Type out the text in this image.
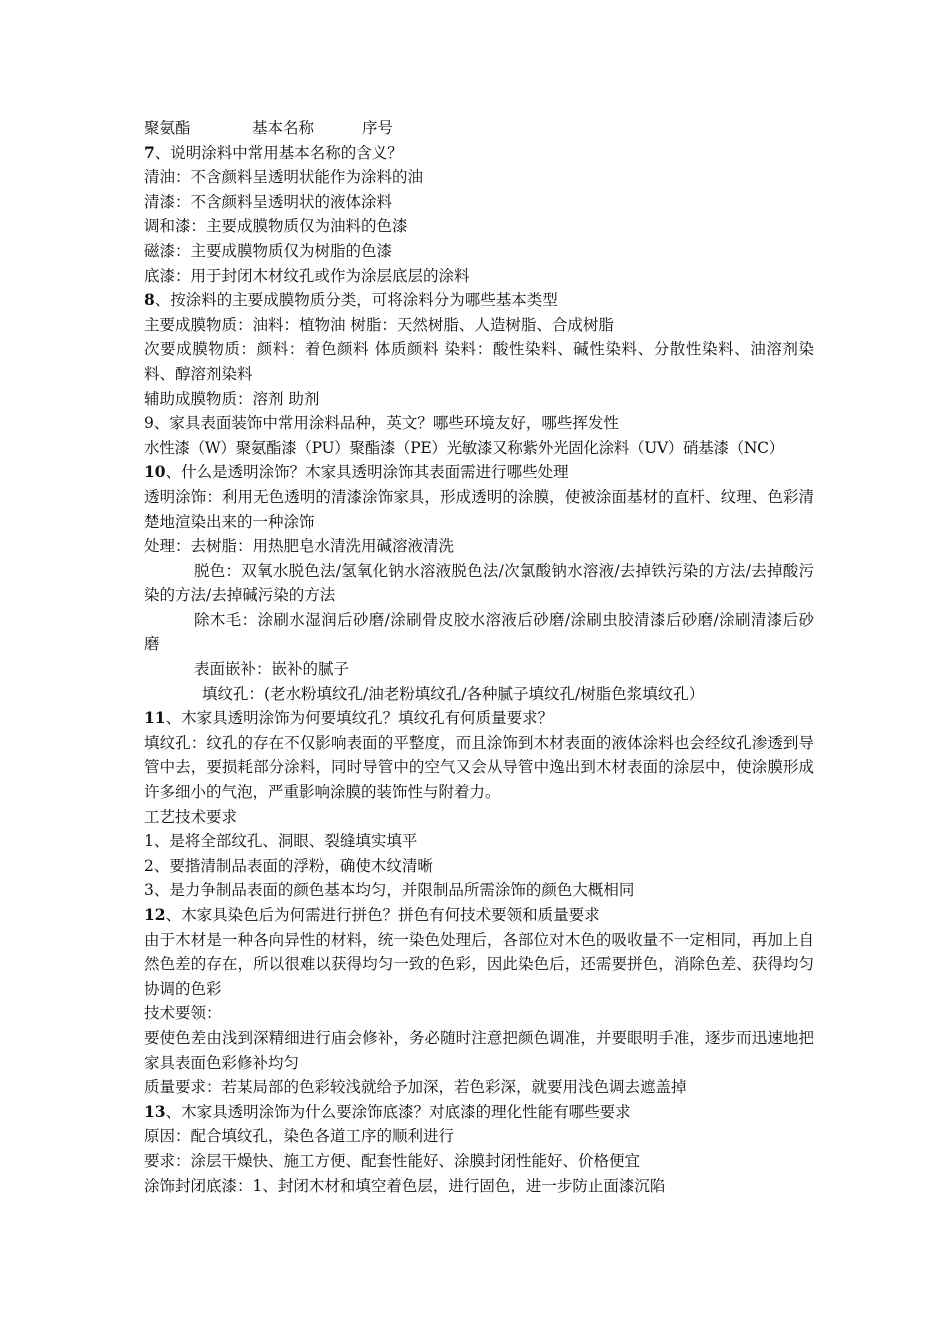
聚氨酯	基本名称	序号
7、说明涂料中常用基本名称的含义？
清油：不含颜料呈透明状能作为涂料的油
清漆：不含颜料呈透明状的液体涂料
调和漆：主要成膜物质仅为油料的色漆
磁漆：主要成膜物质仅为树脂的色漆
底漆：用于封闭木材纹孔或作为涂层底层的涂料
8、按涂料的主要成膜物质分类，可将涂料分为哪些基本类型
主要成膜物质：油料：植物油 树脂：天然树脂、人造树脂、合成树脂
次要成膜物质：颜料：着色颜料 体质颜料 染料：酸性染料、碱性染料、分散性染料、油溶剂染料、醇溶剂染料
辅助成膜物质：溶剂 助剂
9、家具表面装饰中常用涂料品种，英文？哪些环境友好，哪些挥发性
水性漆（W）聚氨酯漆（PU）聚酯漆（PE）光敏漆又称紫外光固化涂料（UV）硝基漆（NC）
10、什么是透明涂饰？木家具透明涂饰其表面需进行哪些处理
透明涂饰：利用无色透明的清漆涂饰家具，形成透明的涂膜，使被涂面基材的直杆、纹理、色彩清楚地渲染出来的一种涂饰
处理：去树脂：用热肥皂水清洗用碱溶液清洗
脱色：双氧水脱色法/氢氧化钠水溶液脱色法/次氯酸钠水溶液/去掉铁污染的方法/去掉酸污染的方法/去掉碱污染的方法
除木毛：涂刷水湿润后砂磨/涂刷骨皮胶水溶液后砂磨/涂刷虫胶清漆后砂磨/涂刷清漆后砂磨
表面嵌补：嵌补的腻子
填纹孔：(老水粉填纹孔/油老粉填纹孔/各种腻子填纹孔/树脂色浆填纹孔）
11、木家具透明涂饰为何要填纹孔？填纹孔有何质量要求？
填纹孔：纹孔的存在不仅影响表面的平整度，而且涂饰到木材表面的液体涂料也会经纹孔渗透到导管中去，要损耗部分涂料，同时导管中的空气又会从导管中逸出到木材表面的涂层中，使涂膜形成许多细小的气泡，严重影响涂膜的装饰性与附着力。
工艺技术要求
1、是将全部纹孔、洞眼、裂缝填实填平
2、要揩清制品表面的浮粉，确使木纹清晰
3、是力争制品表面的颜色基本均匀，并限制品所需涂饰的颜色大概相同
12、木家具染色后为何需进行拼色？拼色有何技术要领和质量要求
由于木材是一种各向异性的材料，统一染色处理后，各部位对木色的吸收量不一定相同，再加上自然色差的存在，所以很难以获得均匀一致的色彩，因此染色后，还需要拼色，消除色差、获得均匀协调的色彩
技术要领：
要使色差由浅到深精细进行庙会修补，务必随时注意把颜色调准，并要眼明手准，逐步而迅速地把家具表面色彩修补均匀
质量要求：若某局部的色彩较浅就给予加深，若色彩深，就要用浅色调去遮盖掉
13、木家具透明涂饰为什么要涂饰底漆？对底漆的理化性能有哪些要求
原因：配合填纹孔，染色各道工序的顺利进行
要求：涂层干燥快、施工方便、配套性能好、涂膜封闭性能好、价格便宜
涂饰封闭底漆：1、封闭木材和填空着色层，进行固色，进一步防止面漆沉陷
